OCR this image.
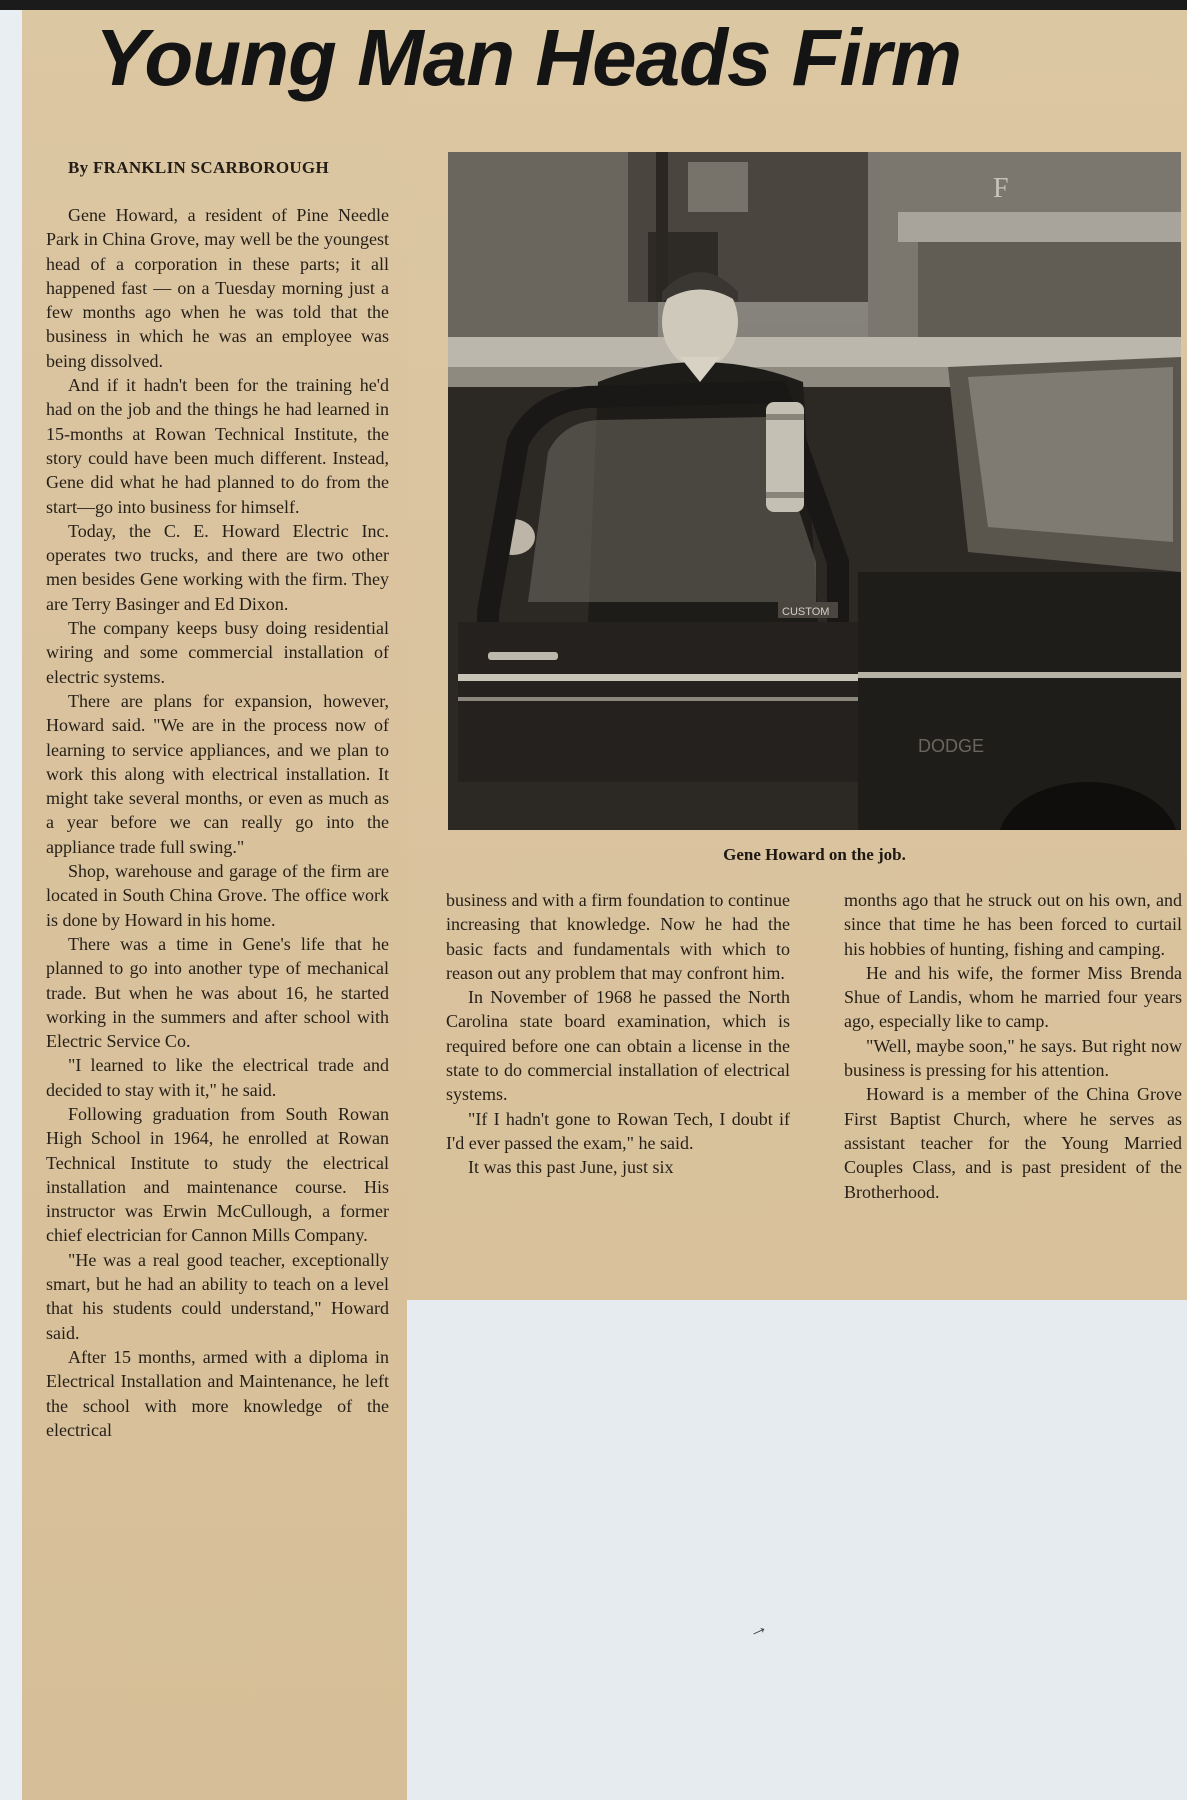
Young Man Heads Firm
By FRANKLIN SCARBOROUGH

Gene Howard, a resident of Pine Needle Park in China Grove, may well be the youngest head of a corporation in these parts; it all happened fast — on a Tuesday morning just a few months ago when he was told that the business in which he was an employee was being dissolved.

And if it hadn't been for the training he'd had on the job and the things he had learned in 15-months at Rowan Technical Institute, the story could have been much different. Instead, Gene did what he had planned to do from the start—go into business for himself.

Today, the C. E. Howard Electric Inc. operates two trucks, and there are two other men besides Gene working with the firm. They are Terry Basinger and Ed Dixon.

The company keeps busy doing residential wiring and some commercial installation of electric systems.

There are plans for expansion, however, Howard said. "We are in the process now of learning to service appliances, and we plan to work this along with electrical installation. It might take several months, or even as much as a year before we can really go into the appliance trade full swing."

Shop, warehouse and garage of the firm are located in South China Grove. The office work is done by Howard in his home.

There was a time in Gene's life that he planned to go into another type of mechanical trade. But when he was about 16, he started working in the summers and after school with Electric Service Co.

"I learned to like the electrical trade and decided to stay with it," he said.

Following graduation from South Rowan High School in 1964, he enrolled at Rowan Technical Institute to study the electrical installation and maintenance course. His instructor was Erwin McCullough, a former chief electrician for Cannon Mills Company.

"He was a real good teacher, exceptionally smart, but he had an ability to teach on a level that his students could understand," Howard said.

After 15 months, armed with a diploma in Electrical Installation and Maintenance, he left the school with more knowledge of the electrical

F
CUSTOM
DODGE
Gene Howard on the job.

business and with a firm foundation to continue increasing that knowledge. Now he had the basic facts and fundamentals with which to reason out any problem that may confront him.

In November of 1968 he passed the North Carolina state board examination, which is required before one can obtain a license in the state to do commercial installation of electrical systems.

"If I hadn't gone to Rowan Tech, I doubt if I'd ever passed the exam," he said.

It was this past June, just six

months ago that he struck out on his own, and since that time he has been forced to curtail his hobbies of hunting, fishing and camping.

He and his wife, the former Miss Brenda Shue of Landis, whom he married four years ago, especially like to camp.

"Well, maybe soon," he says. But right now business is pressing for his attention.

Howard is a member of the China Grove First Baptist Church, where he serves as assistant teacher for the Young Married Couples Class, and is past president of the Brotherhood.

→
